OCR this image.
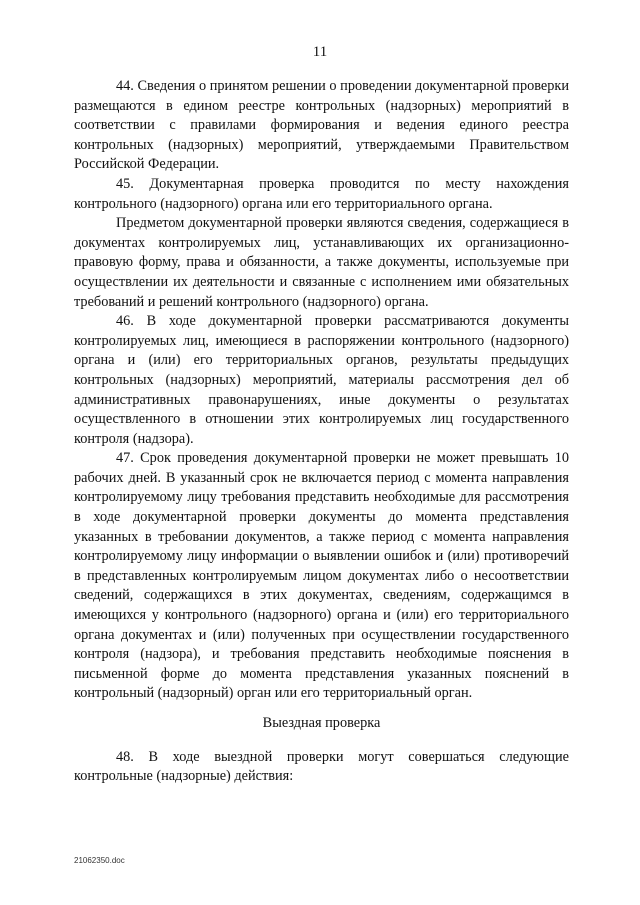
11

44. Сведения о принятом решении о проведении документарной проверки размещаются в едином реестре контрольных (надзорных) мероприятий в соответствии с правилами формирования и ведения единого реестра контрольных (надзорных) мероприятий, утверждаемыми Правительством Российской Федерации.

45. Документарная проверка проводится по месту нахождения контрольного (надзорного) органа или его территориального органа.

Предметом документарной проверки являются сведения, содержащиеся в документах контролируемых лиц, устанавливающих их организационно-правовую форму, права и обязанности, а также документы, используемые при осуществлении их деятельности и связанные с исполнением ими обязательных требований и решений контрольного (надзорного) органа.

46. В ходе документарной проверки рассматриваются документы контролируемых лиц, имеющиеся в распоряжении контрольного (надзорного) органа и (или) его территориальных органов, результаты предыдущих контрольных (надзорных) мероприятий, материалы рассмотрения дел об административных правонарушениях, иные документы о результатах осуществленного в отношении этих контролируемых лиц государственного контроля (надзора).

47. Срок проведения документарной проверки не может превышать 10 рабочих дней. В указанный срок не включается период с момента направления контролируемому лицу требования представить необходимые для рассмотрения в ходе документарной проверки документы до момента представления указанных в требовании документов, а также период с момента направления контролируемому лицу информации о выявлении ошибок и (или) противоречий в представленных контролируемым лицом документах либо о несоответствии сведений, содержащихся в этих документах, сведениям, содержащимся в имеющихся у контрольного (надзорного) органа и (или) его территориального органа документах и (или) полученных при осуществлении государственного контроля (надзора), и требования представить необходимые пояснения в письменной форме до момента представления указанных пояснений в контрольный (надзорный) орган или его территориальный орган.

Выездная проверка

48. В ходе выездной проверки могут совершаться следующие контрольные (надзорные) действия:

21062350.doc
